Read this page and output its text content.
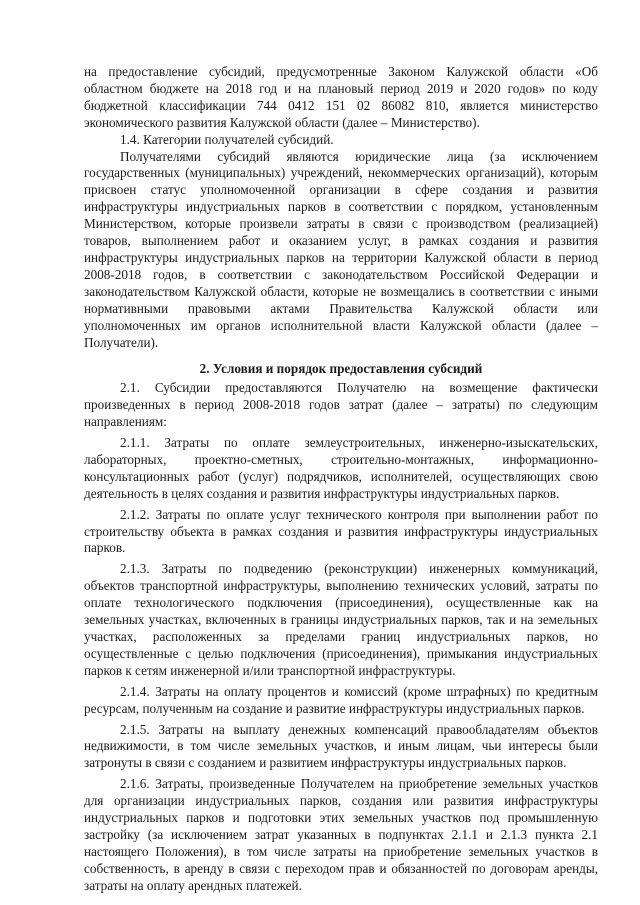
на предоставление субсидий, предусмотренные Законом Калужской области «Об областном бюджете на 2018 год и на плановый период 2019 и 2020 годов» по коду бюджетной классификации 744 0412 151 02 86082 810, является министерство экономического развития Калужской области (далее – Министерство).

1.4. Категории получателей субсидий.

Получателями субсидий являются юридические лица (за исключением государственных (муниципальных) учреждений, некоммерческих организаций), которым присвоен статус уполномоченной организации в сфере создания и развития инфраструктуры индустриальных парков в соответствии с порядком, установленным Министерством, которые произвели затраты в связи с производством (реализацией) товаров, выполнением работ и оказанием услуг, в рамках создания и развития инфраструктуры индустриальных парков на территории Калужской области в период 2008-2018 годов, в соответствии с законодательством Российской Федерации и законодательством Калужской области, которые не возмещались в соответствии с иными нормативными правовыми актами Правительства Калужской области или уполномоченных им органов исполнительной власти Калужской области (далее – Получатели).

2. Условия и порядок предоставления субсидий

2.1. Субсидии предоставляются Получателю на возмещение фактически произведенных в период 2008-2018 годов затрат (далее – затраты) по следующим направлениям:

2.1.1. Затраты по оплате землеустроительных, инженерно-изыскательских, лабораторных, проектно-сметных, строительно-монтажных, информационно-консультационных работ (услуг) подрядчиков, исполнителей, осуществляющих свою деятельность в целях создания и развития инфраструктуры индустриальных парков.

2.1.2. Затраты по оплате услуг технического контроля при выполнении работ по строительству объекта в рамках создания и развития инфраструктуры индустриальных парков.

2.1.3. Затраты по подведению (реконструкции) инженерных коммуникаций, объектов транспортной инфраструктуры, выполнению технических условий, затраты по оплате технологического подключения (присоединения), осуществленные как на земельных участках, включенных в границы индустриальных парков, так и на земельных участках, расположенных за пределами границ индустриальных парков, но осуществленные с целью подключения (присоединения), примыкания индустриальных парков к сетям инженерной и/или транспортной инфраструктуры.

2.1.4. Затраты на оплату процентов и комиссий (кроме штрафных) по кредитным ресурсам, полученным на создание и развитие инфраструктуры индустриальных парков.

2.1.5. Затраты на выплату денежных компенсаций правообладателям объектов недвижимости, в том числе земельных участков, и иным лицам, чьи интересы были затронуты в связи с созданием и развитием инфраструктуры индустриальных парков.

2.1.6. Затраты, произведенные Получателем на приобретение земельных участков для организации индустриальных парков, создания или развития инфраструктуры индустриальных парков и подготовки этих земельных участков под промышленную застройку (за исключением затрат указанных в подпунктах 2.1.1 и 2.1.3 пункта 2.1 настоящего Положения), в том числе затраты на приобретение земельных участков в собственность, в аренду в связи с переходом прав и обязанностей по договорам аренды, затраты на оплату арендных платежей.
